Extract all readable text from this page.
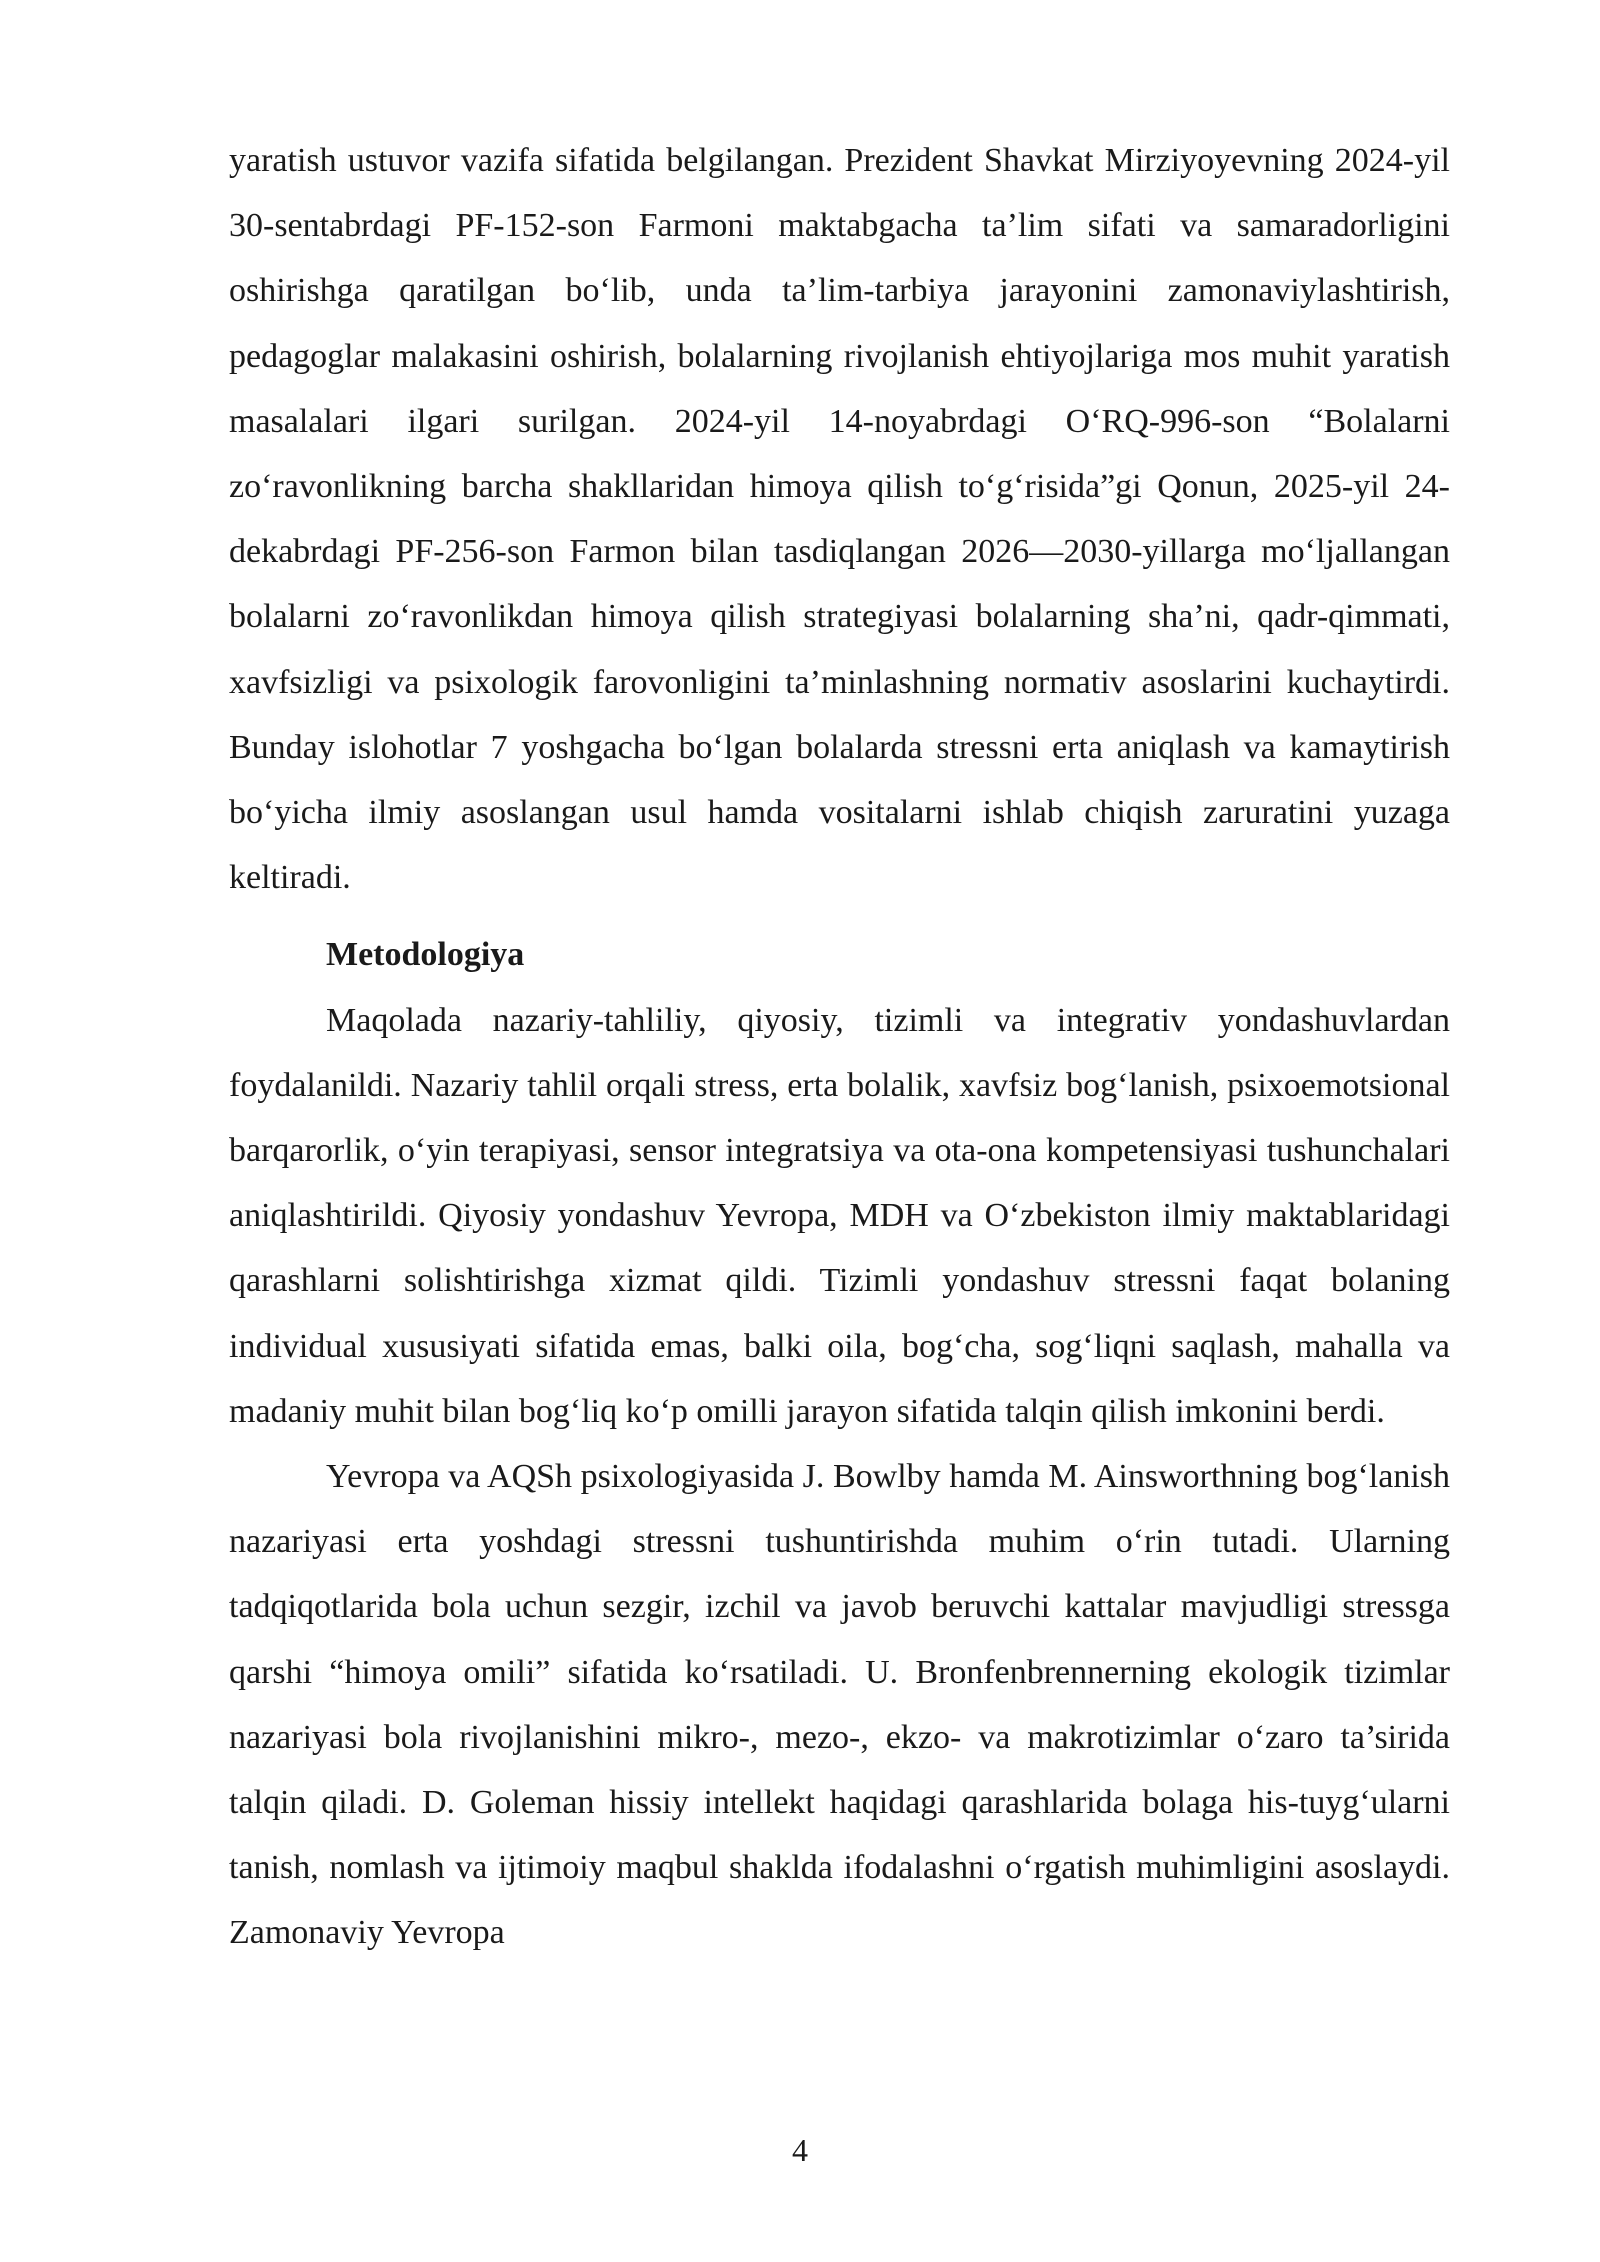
yaratish ustuvor vazifa sifatida belgilangan. Prezident Shavkat Mirziyoyevning 2024-yil 30-sentabrdagi PF-152-son Farmoni maktabgacha ta’lim sifati va samaradorligini oshirishga qaratilgan bo‘lib, unda ta’lim-tarbiya jarayonini zamonaviylashtirish, pedagoglar malakasini oshirish, bolalarning rivojlanish ehtiyojlariga mos muhit yaratish masalalari ilgari surilgan. 2024-yil 14-noyabrdagi O‘RQ-996-son “Bolalarni zo‘ravonlikning barcha shakllaridan himoya qilish to‘g‘risida”gi Qonun, 2025-yil 24-dekabrdagi PF-256-son Farmon bilan tasdiqlangan 2026—2030-yillarga mo‘ljallangan bolalarni zo‘ravonlikdan himoya qilish strategiyasi bolalarning sha’ni, qadr-qimmati, xavfsizligi va psixologik farovonligini ta’minlashning normativ asoslarini kuchaytirdi. Bunday islohotlar 7 yoshgacha bo‘lgan bolalarda stressni erta aniqlash va kamaytirish bo‘yicha ilmiy asoslangan usul hamda vositalarni ishlab chiqish zaruratini yuzaga keltiradi.

Metodologiya

Maqolada nazariy-tahliliy, qiyosiy, tizimli va integrativ yondashuvlardan foydalanildi. Nazariy tahlil orqali stress, erta bolalik, xavfsiz bog‘lanish, psixoemotsional barqarorlik, o‘yin terapiyasi, sensor integratsiya va ota-ona kompetensiyasi tushunchalari aniqlashtirildi. Qiyosiy yondashuv Yevropa, MDH va O‘zbekiston ilmiy maktablaridagi qarashlarni solishtirishga xizmat qildi. Tizimli yondashuv stressni faqat bolaning individual xususiyati sifatida emas, balki oila, bog‘cha, sog‘liqni saqlash, mahalla va madaniy muhit bilan bog‘liq ko‘p omilli jarayon sifatida talqin qilish imkonini berdi.

Yevropa va AQSh psixologiyasida J. Bowlby hamda M. Ainsworthning bog‘lanish nazariyasi erta yoshdagi stressni tushuntirishda muhim o‘rin tutadi. Ularning tadqiqotlarida bola uchun sezgir, izchil va javob beruvchi kattalar mavjudligi stressga qarshi “himoya omili” sifatida ko‘rsatiladi. U. Bronfenbrennerning ekologik tizimlar nazariyasi bola rivojlanishini mikro-, mezo-, ekzo- va makrotizimlar o‘zaro ta’sirida talqin qiladi. D. Goleman hissiy intellekt haqidagi qarashlarida bolaga his-tuyg‘ularni tanish, nomlash va ijtimoiy maqbul shaklda ifodalashni o‘rgatish muhimligini asoslaydi. Zamonaviy Yevropa

4
